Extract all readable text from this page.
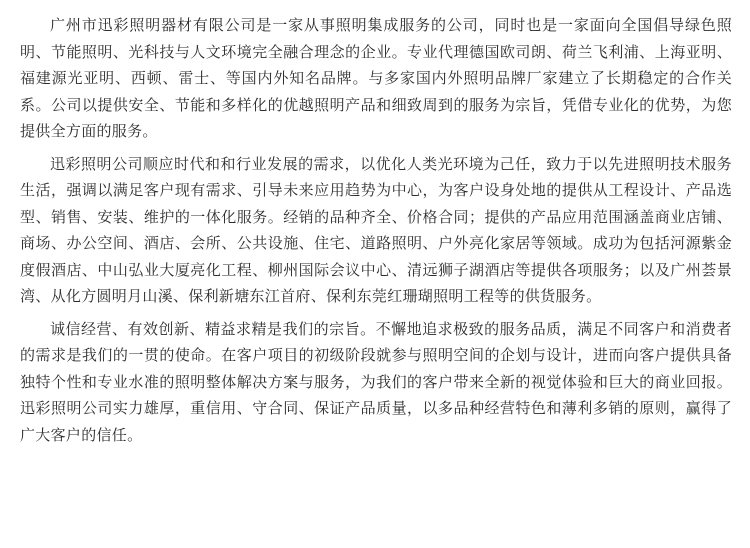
广州市迅彩照明器材有限公司是一家从事照明集成服务的公司，同时也是一家面向全国倡导绿色照明、节能照明、光科技与人文环境完全融合理念的企业。专业代理德国欧司朗、荷兰飞利浦、上海亚明、福建源光亚明、西顿、雷士、等国内外知名品牌。与多家国内外照明品牌厂家建立了长期稳定的合作关系。公司以提供安全、节能和多样化的优越照明产品和细致周到的服务为宗旨，凭借专业化的优势，为您提供全方面的服务。

迅彩照明公司顺应时代和和行业发展的需求，以优化人类光环境为己任，致力于以先进照明技术服务生活，强调以满足客户现有需求、引导未来应用趋势为中心，为客户设身处地的提供从工程设计、产品选型、销售、安装、维护的一体化服务。经销的品种齐全、价格合同；提供的产品应用范围涵盖商业店铺、商场、办公空间、酒店、会所、公共设施、住宅、道路照明、户外亮化家居等领域。成功为包括河源紫金度假酒店、中山弘业大厦亮化工程、柳州国际会议中心、清远狮子湖酒店等提供各项服务；以及广州荟景湾、从化方圆明月山溪、保利新塘东江首府、保利东莞红珊瑚照明工程等的供货服务。

诚信经营、有效创新、精益求精是我们的宗旨。不懈地追求极致的服务品质，满足不同客户和消费者的需求是我们的一贯的使命。在客户项目的初级阶段就参与照明空间的企划与设计，进而向客户提供具备独特个性和专业水准的照明整体解决方案与服务，为我们的客户带来全新的视觉体验和巨大的商业回报。迅彩照明公司实力雄厚，重信用、守合同、保证产品质量，以多品种经营特色和薄利多销的原则，赢得了广大客户的信任。
